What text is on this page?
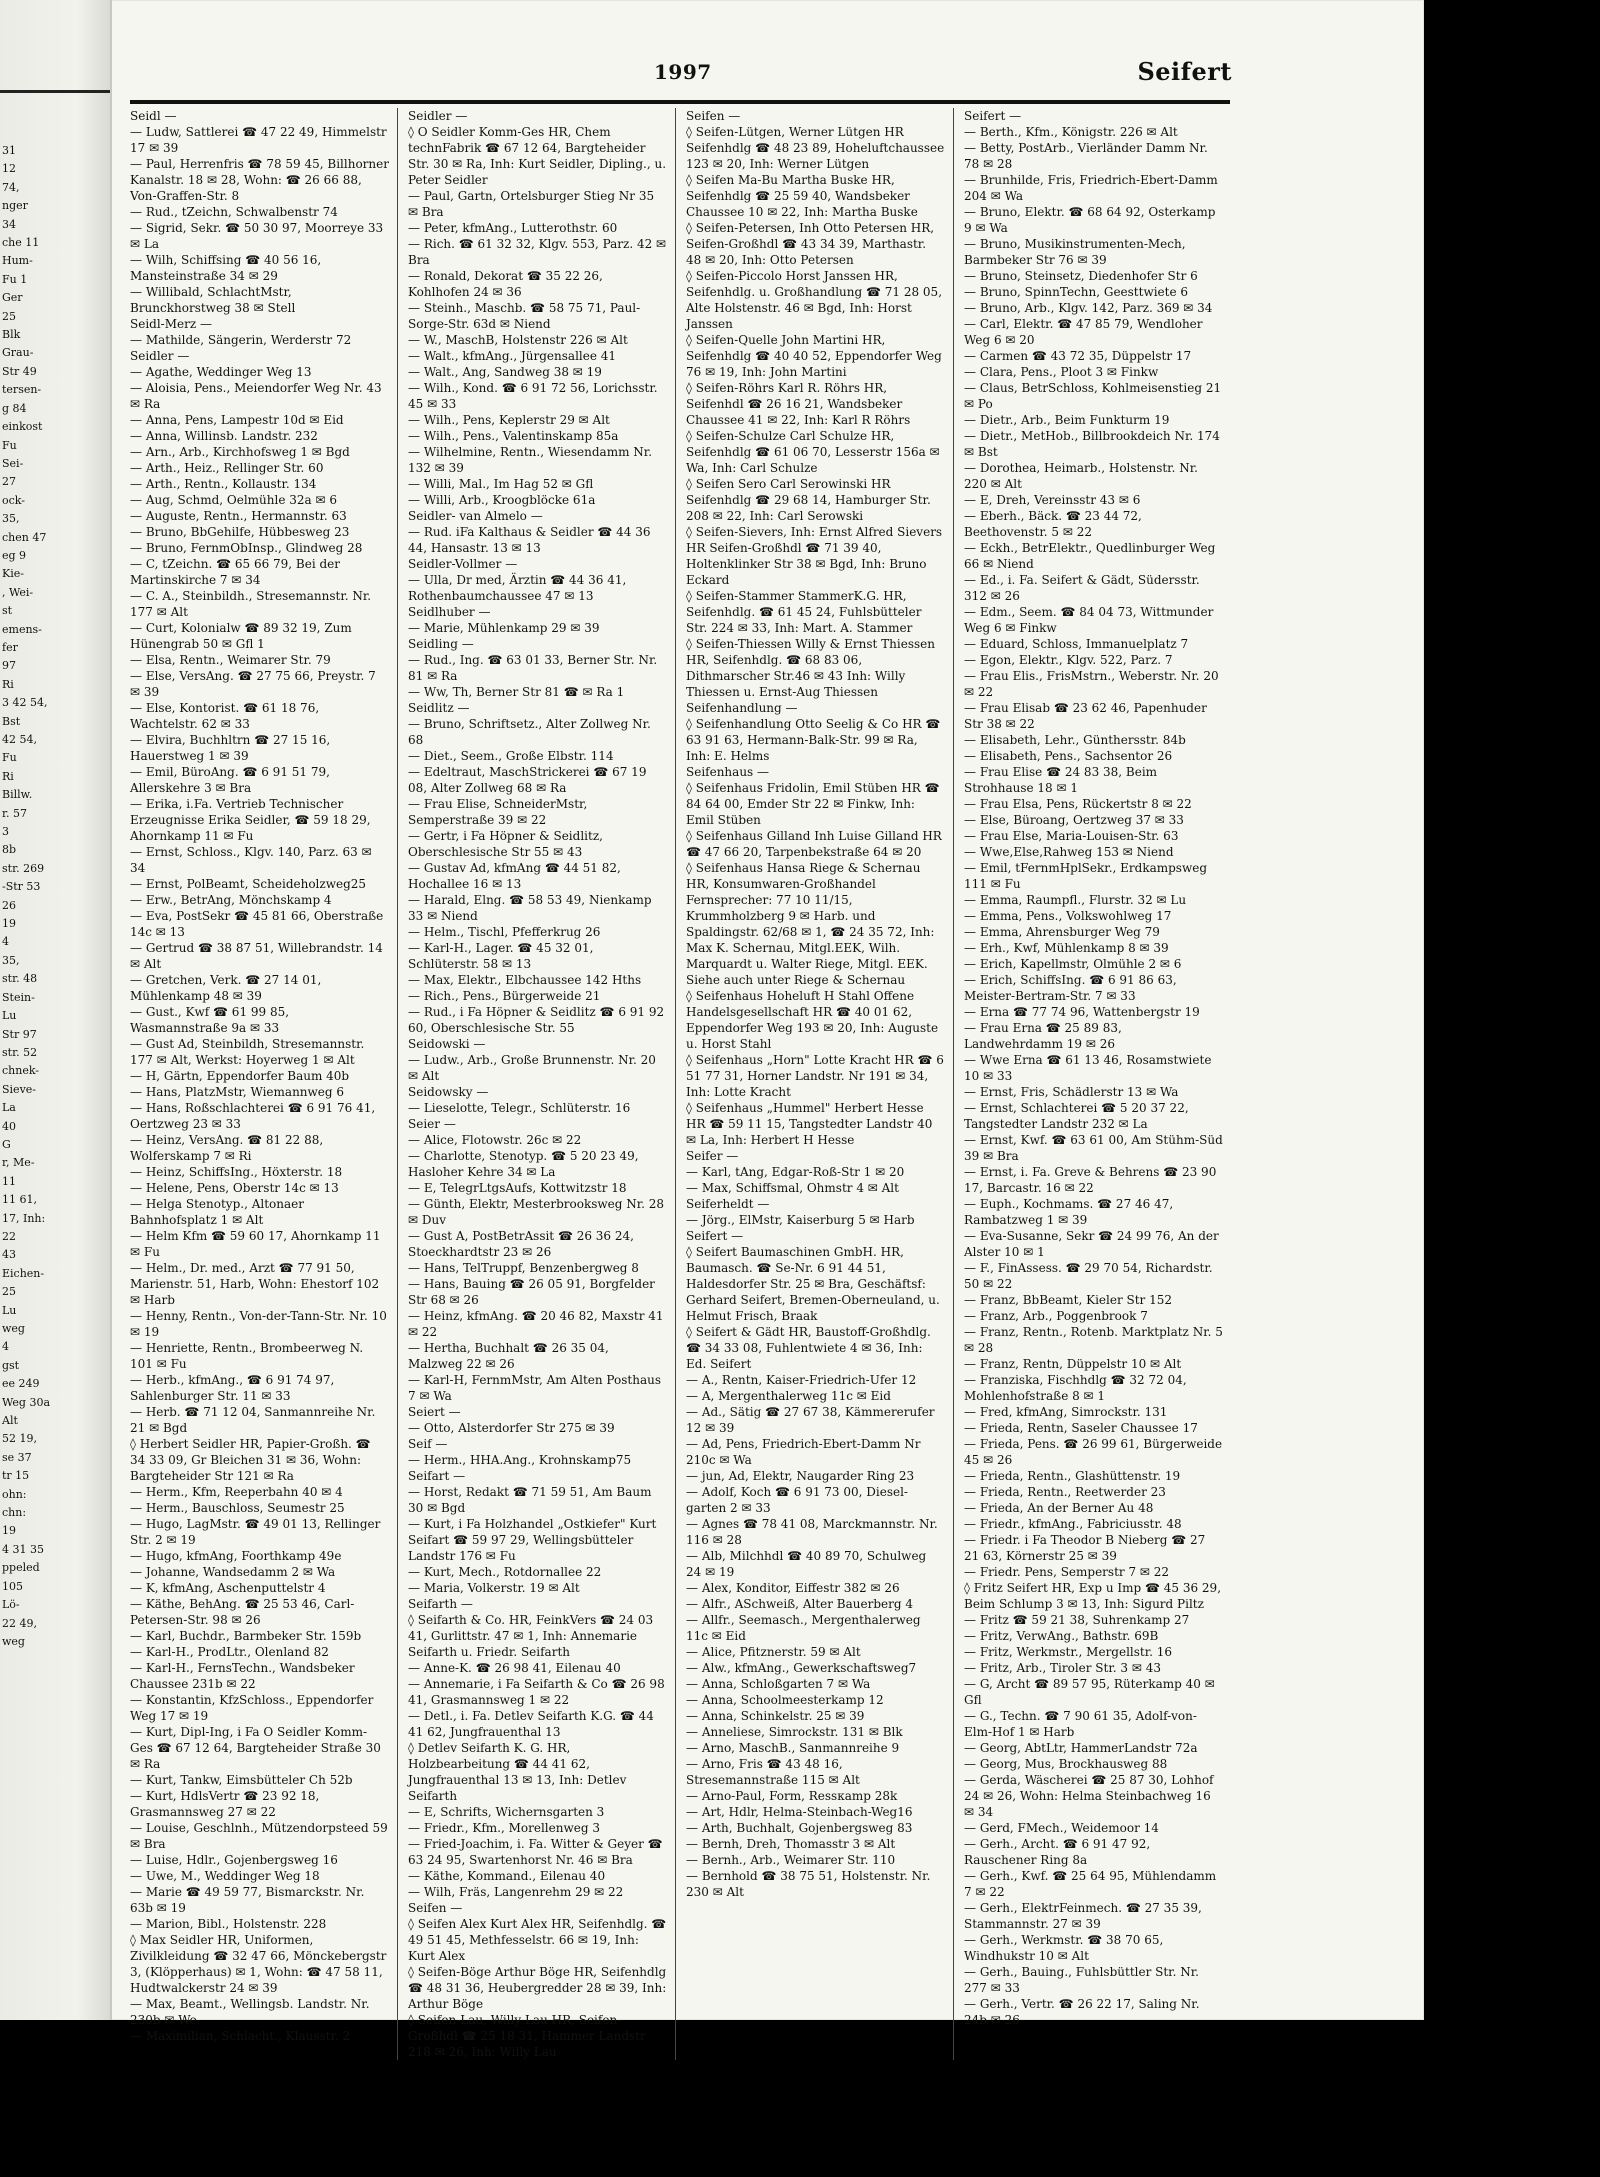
31
12
74,
nger
34
che 11
Hum-
Fu 1
Ger
25
Blk
Grau-
Str 49
tersen-
g 84
einkost
Fu
Sei-
27
ock-
35,
chen 47
eg 9
Kie-
, Wei-
st
emens-
fer
97
Ri
3 42 54,
Bst
42 54,
Fu
Ri
Billw.
r. 57
3
8b
str. 269
-Str 53
26
19
4
35,
str. 48
Stein-
Lu
Str 97
str. 52
chnek-
Sieve-
La
40
G
r, Me-
11
11 61,
17, Inh:
22
43
Eichen-
25
Lu
weg
4
gst
ee 249
Weg 30a
Alt
52 19,
se 37
tr 15
ohn:
chn:
19
4 31 35
ppeled
105
Lö-
22 49,
weg
1997	Seifert
Seidl —
— Ludw, Sattlerei ☎ 47 22 49, Himmelstr 17 ✉ 39
— Paul, Herrenfris ☎ 78 59 45, Billhorner Kanalstr. 18 ✉ 28, Wohn: ☎ 26 66 88, Von-Graffen-Str. 8
— Rud., tZeichn, Schwalbenstr 74
— Sigrid, Sekr. ☎ 50 30 97, Moorreye 33 ✉ La
— Wilh, Schiffsing ☎ 40 56 16, Mansteinstraße 34 ✉ 29
— Willibald, SchlachtMstr, Brunckhorstweg 38 ✉ Stell
Seidl-Merz —
— Mathilde, Sängerin, Werderstr 72
Seidler —
— Agathe, Weddinger Weg 13
— Aloisia, Pens., Meiendorfer Weg Nr. 43 ✉ Ra
— Anna, Pens, Lampestr 10d ✉ Eid
— Anna, Willinsb. Landstr. 232
— Arn., Arb., Kirchhofsweg 1 ✉ Bgd
— Arth., Heiz., Rellinger Str. 60
— Arth., Rentn., Kollaustr. 134
— Aug, Schmd, Oelmühle 32a ✉ 6
— Auguste, Rentn., Hermannstr. 63
— Bruno, BbGehilfe, Hübbesweg 23
— Bruno, FernmObInsp., Glindweg 28
— C, tZeichn. ☎ 65 66 79, Bei der Martinskirche 7 ✉ 34
— C. A., Steinbildh., Stresemannstr. Nr. 177 ✉ Alt
— Curt, Kolonialw ☎ 89 32 19, Zum Hünengrab 50 ✉ Gfl 1
— Elsa, Rentn., Weimarer Str. 79
— Else, VersAng. ☎ 27 75 66, Preystr. 7 ✉ 39
— Else, Kontorist. ☎ 61 18 76, Wachtelstr. 62 ✉ 33
— Elvira, Buchhltrn ☎ 27 15 16, Hauerstweg 1 ✉ 39
— Emil, BüroAng. ☎ 6 91 51 79, Allerskehre 3 ✉ Bra
— Erika, i.Fa. Vertrieb Technischer Erzeugnisse Erika Seidler, ☎ 59 18 29, Ahornkamp 11 ✉ Fu
— Ernst, Schloss., Klgv. 140, Parz. 63 ✉ 34
— Ernst, PolBeamt, Scheideholzweg25
— Erw., BetrAng, Mönchskamp 4
— Eva, PostSekr ☎ 45 81 66, Oberstraße 14c ✉ 13
— Gertrud ☎ 38 87 51, Willebrandstr. 14 ✉ Alt
— Gretchen, Verk. ☎ 27 14 01, Mühlenkamp 48 ✉ 39
— Gust., Kwf ☎ 61 99 85, Wasmannstraße 9a ✉ 33
— Gust Ad, Steinbildh, Stresemannstr. 177 ✉ Alt, Werkst: Hoyerweg 1 ✉ Alt
— H, Gärtn, Eppendorfer Baum 40b
— Hans, PlatzMstr, Wiemannweg 6
— Hans, Roßschlachterei ☎ 6 91 76 41, Oertzweg 23 ✉ 33
— Heinz, VersAng. ☎ 81 22 88, Wolferskamp 7 ✉ Ri
— Heinz, SchiffsIng., Höxterstr. 18
— Helene, Pens, Oberstr 14c ✉ 13
— Helga Stenotyp., Altonaer Bahnhofsplatz 1 ✉ Alt
— Helm Kfm ☎ 59 60 17, Ahornkamp 11 ✉ Fu
— Helm., Dr. med., Arzt ☎ 77 91 50, Marienstr. 51, Harb, Wohn: Ehestorf 102 ✉ Harb
— Henny, Rentn., Von-der-Tann-Str. Nr. 10 ✉ 19
— Henriette, Rentn., Brombeerweg N. 101 ✉ Fu
— Herb., kfmAng., ☎ 6 91 74 97, Sahlenburger Str. 11 ✉ 33
— Herb. ☎ 71 12 04, Sanmannreihe Nr. 21 ✉ Bgd
◊ Herbert Seidler HR, Papier-Großh. ☎ 34 33 09, Gr Bleichen 31 ✉ 36, Wohn: Bargteheider Str 121 ✉ Ra
— Herm., Kfm, Reeperbahn 40 ✉ 4
— Herm., Bauschloss, Seumestr 25
— Hugo, LagMstr. ☎ 49 01 13, Rellinger Str. 2 ✉ 19
— Hugo, kfmAng, Foorthkamp 49e
— Johanne, Wandsedamm 2 ✉ Wa
— K, kfmAng, Aschenputtelstr 4
— Käthe, BehAng. ☎ 25 53 46, Carl-Petersen-Str. 98 ✉ 26
— Karl, Buchdr., Barmbeker Str. 159b
— Karl-H., ProdLtr., Olenland 82
— Karl-H., FernsTechn., Wandsbeker Chaussee 231b ✉ 22
— Konstantin, KfzSchloss., Eppendorfer Weg 17 ✉ 19
— Kurt, Dipl-Ing, i Fa O Seidler Komm-Ges ☎ 67 12 64, Bargteheider Straße 30 ✉ Ra
— Kurt, Tankw, Eimsbütteler Ch 52b
— Kurt, HdlsVertr ☎ 23 92 18, Grasmannsweg 27 ✉ 22
— Louise, Geschlnh., Mützendorpsteed 59 ✉ Bra
— Luise, Hdlr., Gojenbergsweg 16
— Uwe, M., Weddinger Weg 18
— Marie ☎ 49 59 77, Bismarckstr. Nr. 63b ✉ 19
— Marion, Bibl., Holstenstr. 228
◊ Max Seidler HR, Uniformen, Zivilkleidung ☎ 32 47 66, Mönckebergstr 3, (Klöpperhaus) ✉ 1, Wohn: ☎ 47 58 11, Hudtwalckerstr 24 ✉ 39
— Max, Beamt., Wellingsb. Landstr. Nr. 230b ✉ We
— Maximilian, Schlacht., Klausstr. 2
Seidler —
◊ O Seidler Komm-Ges HR, Chem technFabrik ☎ 67 12 64, Bargteheider Str. 30 ✉ Ra, Inh: Kurt Seidler, Dipling., u. Peter Seidler
— Paul, Gartn, Ortelsburger Stieg Nr 35 ✉ Bra
— Peter, kfmAng., Lutterothstr. 60
— Rich. ☎ 61 32 32, Klgv. 553, Parz. 42 ✉ Bra
— Ronald, Dekorat ☎ 35 22 26, Kohlhofen 24 ✉ 36
— Steinh., Maschb. ☎ 58 75 71, Paul-Sorge-Str. 63d ✉ Niend
— W., MaschB, Holstenstr 226 ✉ Alt
— Walt., kfmAng., Jürgensallee 41
— Walt., Ang, Sandweg 38 ✉ 19
— Wilh., Kond. ☎ 6 91 72 56, Lorichsstr. 45 ✉ 33
— Wilh., Pens, Keplerstr 29 ✉ Alt
— Wilh., Pens., Valentinskamp 85a
— Wilhelmine, Rentn., Wiesendamm Nr. 132 ✉ 39
— Willi, Mal., Im Hag 52 ✉ Gfl
— Willi, Arb., Kroogblöcke 61a
Seidler- van Almelo —
— Rud. iFa Kalthaus & Seidler ☎ 44 36 44, Hansastr. 13 ✉ 13
Seidler-Vollmer —
— Ulla, Dr med, Ärztin ☎ 44 36 41, Rothenbaumchaussee 47 ✉ 13
Seidlhuber —
— Marie, Mühlenkamp 29 ✉ 39
Seidling —
— Rud., Ing. ☎ 63 01 33, Berner Str. Nr. 81 ✉ Ra
— Ww, Th, Berner Str 81 ☎ ✉ Ra 1
Seidlitz —
— Bruno, Schriftsetz., Alter Zollweg Nr. 68
— Diet., Seem., Große Elbstr. 114
— Edeltraut, MaschStrickerei ☎ 67 19 08, Alter Zollweg 68 ✉ Ra
— Frau Elise, SchneiderMstr, Semperstraße 39 ✉ 22
— Gertr, i Fa Höpner & Seidlitz, Oberschlesische Str 55 ✉ 43
— Gustav Ad, kfmAng ☎ 44 51 82, Hochallee 16 ✉ 13
— Harald, Elng. ☎ 58 53 49, Nienkamp 33 ✉ Niend
— Helm., Tischl, Pfefferkrug 26
— Karl-H., Lager. ☎ 45 32 01, Schlüterstr. 58 ✉ 13
— Max, Elektr., Elbchaussee 142 Hths
— Rich., Pens., Bürgerweide 21
— Rud., i Fa Höpner & Seidlitz ☎ 6 91 92 60, Oberschlesische Str. 55
Seidowski —
— Ludw., Arb., Große Brunnenstr. Nr. 20 ✉ Alt
Seidowsky —
— Lieselotte, Telegr., Schlüterstr. 16
Seier —
— Alice, Flotowstr. 26c ✉ 22
— Charlotte, Stenotyp. ☎ 5 20 23 49, Hasloher Kehre 34 ✉ La
— E, TelegrLtgsAufs, Kottwitzstr 18
— Günth, Elektr, Mesterbrooksweg Nr. 28 ✉ Duv
— Gust A, PostBetrAssit ☎ 26 36 24, Stoeckhardtstr 23 ✉ 26
— Hans, TelTruppf, Benzenbergweg 8
— Hans, Bauing ☎ 26 05 91, Borgfelder Str 68 ✉ 26
— Heinz, kfmAng. ☎ 20 46 82, Maxstr 41 ✉ 22
— Hertha, Buchhalt ☎ 26 35 04, Malzweg 22 ✉ 26
— Karl-H, FernmMstr, Am Alten Posthaus 7 ✉ Wa
Seiert —
— Otto, Alsterdorfer Str 275 ✉ 39
Seif —
— Herm., HHA.Ang., Krohnskamp75
Seifart —
— Horst, Redakt ☎ 71 59 51, Am Baum 30 ✉ Bgd
— Kurt, i Fa Holzhandel „Ostkiefer" Kurt Seifart ☎ 59 97 29, Wellingsbütteler Landstr 176 ✉ Fu
— Kurt, Mech., Rotdornallee 22
— Maria, Volkerstr. 19 ✉ Alt
Seifarth —
◊ Seifarth & Co. HR, FeinkVers ☎ 24 03 41, Gurlittstr. 47 ✉ 1, Inh: Annemarie Seifarth u. Friedr. Seifarth
— Anne-K. ☎ 26 98 41, Eilenau 40
— Annemarie, i Fa Seifarth & Co ☎ 26 98 41, Grasmannsweg 1 ✉ 22
— Detl., i. Fa. Detlev Seifarth K.G. ☎ 44 41 62, Jungfrauenthal 13
◊ Detlev Seifarth K. G. HR, Holzbearbeitung ☎ 44 41 62, Jungfrauenthal 13 ✉ 13, Inh: Detlev Seifarth
— E, Schrifts, Wichernsgarten 3
— Friedr., Kfm., Morellenweg 3
— Fried-Joachim, i. Fa. Witter & Geyer ☎ 63 24 95, Swartenhorst Nr. 46 ✉ Bra
— Käthe, Kommand., Eilenau 40
— Wilh, Fräs, Langenrehm 29 ✉ 22
Seifen —
◊ Seifen Alex Kurt Alex HR, Seifenhdlg. ☎ 49 51 45, Methfesselstr. 66 ✉ 19, Inh: Kurt Alex
◊ Seifen-Böge Arthur Böge HR, Seifenhdlg ☎ 48 31 36, Heubergredder 28 ✉ 39, Inh: Arthur Böge
◊ Seifen-Lau, Willy Lau HR, Seifen-Großhdl ☎ 25 18 31, Hammer Landstr 218 ✉ 26, Inh: Willy Lau
Seifen —
◊ Seifen-Lütgen, Werner Lütgen HR Seifenhdlg ☎ 48 23 89, Hoheluftchaussee 123 ✉ 20, Inh: Werner Lütgen
◊ Seifen Ma-Bu Martha Buske HR, Seifenhdlg ☎ 25 59 40, Wandsbeker Chaussee 10 ✉ 22, Inh: Martha Buske
◊ Seifen-Petersen, Inh Otto Petersen HR, Seifen-Großhdl ☎ 43 34 39, Marthastr. 48 ✉ 20, Inh: Otto Petersen
◊ Seifen-Piccolo Horst Janssen HR, Seifenhdlg. u. Großhandlung ☎ 71 28 05, Alte Holstenstr. 46 ✉ Bgd, Inh: Horst Janssen
◊ Seifen-Quelle John Martini HR, Seifenhdlg ☎ 40 40 52, Eppendorfer Weg 76 ✉ 19, Inh: John Martini
◊ Seifen-Röhrs Karl R. Röhrs HR, Seifenhdl ☎ 26 16 21, Wandsbeker Chaussee 41 ✉ 22, Inh: Karl R Röhrs
◊ Seifen-Schulze Carl Schulze HR, Seifenhdlg ☎ 61 06 70, Lesserstr 156a ✉ Wa, Inh: Carl Schulze
◊ Seifen Sero Carl Serowinski HR Seifenhdlg ☎ 29 68 14, Hamburger Str. 208 ✉ 22, Inh: Carl Serowski
◊ Seifen-Sievers, Inh: Ernst Alfred Sievers HR Seifen-Großhdl ☎ 71 39 40, Holtenklinker Str 38 ✉ Bgd, Inh: Bruno Eckard
◊ Seifen-Stammer StammerK.G. HR, Seifenhdlg. ☎ 61 45 24, Fuhlsbütteler Str. 224 ✉ 33, Inh: Mart. A. Stammer
◊ Seifen-Thiessen Willy & Ernst Thiessen HR, Seifenhdlg. ☎ 68 83 06, Dithmarscher Str.46 ✉ 43 Inh: Willy Thiessen u. Ernst-Aug Thiessen
Seifenhandlung —
◊ Seifenhandlung Otto Seelig & Co HR ☎ 63 91 63, Hermann-Balk-Str. 99 ✉ Ra, Inh: E. Helms
Seifenhaus —
◊ Seifenhaus Fridolin, Emil Stüben HR ☎ 84 64 00, Emder Str 22 ✉ Finkw, Inh: Emil Stüben
◊ Seifenhaus Gilland Inh Luise Gilland HR ☎ 47 66 20, Tarpenbekstraße 64 ✉ 20
◊ Seifenhaus Hansa Riege & Schernau HR, Konsumwaren-Großhandel Fernsprecher: 77 10 11/15, Krummholzberg 9 ✉ Harb. und Spaldingstr. 62/68 ✉ 1, ☎ 24 35 72, Inh: Max K. Schernau, Mitgl.EEK, Wilh. Marquardt u. Walter Riege, Mitgl. EEK. Siehe auch unter Riege & Schernau
◊ Seifenhaus Hoheluft H Stahl Offene Handelsgesellschaft HR ☎ 40 01 62, Eppendorfer Weg 193 ✉ 20, Inh: Auguste u. Horst Stahl
◊ Seifenhaus „Horn" Lotte Kracht HR ☎ 6 51 77 31, Horner Landstr. Nr 191 ✉ 34, Inh: Lotte Kracht
◊ Seifenhaus „Hummel" Herbert Hesse HR ☎ 59 11 15, Tangstedter Landstr 40 ✉ La, Inh: Herbert H Hesse
Seifer —
— Karl, tAng, Edgar-Roß-Str 1 ✉ 20
— Max, Schiffsmal, Ohmstr 4 ✉ Alt
Seiferheldt —
— Jörg., ElMstr, Kaiserburg 5 ✉ Harb
Seifert —
◊ Seifert Baumaschinen GmbH. HR, Baumasch. ☎ Se-Nr. 6 91 44 51, Haldesdorfer Str. 25 ✉ Bra, Geschäftsf: Gerhard Seifert, Bremen-Oberneuland, u. Helmut Frisch, Braak
◊ Seifert & Gädt HR, Baustoff-Großhdlg. ☎ 34 33 08, Fuhlentwiete 4 ✉ 36, Inh: Ed. Seifert
— A., Rentn, Kaiser-Friedrich-Ufer 12
— A, Mergenthalerweg 11c ✉ Eid
— Ad., Sätig ☎ 27 67 38, Kämmererufer 12 ✉ 39
— Ad, Pens, Friedrich-Ebert-Damm Nr 210c ✉ Wa
— jun, Ad, Elektr, Naugarder Ring 23
— Adolf, Koch ☎ 6 91 73 00, Diesel-garten 2 ✉ 33
— Agnes ☎ 78 41 08, Marckmannstr. Nr. 116 ✉ 28
— Alb, Milchhdl ☎ 40 89 70, Schulweg 24 ✉ 19
— Alex, Konditor, Eiffestr 382 ✉ 26
— Alfr., ASchweiß, Alter Bauerberg 4
— Allfr., Seemasch., Mergenthalerweg 11c ✉ Eid
— Alice, Pfitznerstr. 59 ✉ Alt
— Alw., kfmAng., Gewerkschaftsweg7
— Anna, Schloßgarten 7 ✉ Wa
— Anna, Schoolmeesterkamp 12
— Anna, Schinkelstr. 25 ✉ 39
— Anneliese, Simrockstr. 131 ✉ Blk
— Arno, MaschB., Sanmannreihe 9
— Arno, Fris ☎ 43 48 16, Stresemannstraße 115 ✉ Alt
— Arno-Paul, Form, Ressкamp 28k
— Art, Hdlr, Helma-Steinbach-Weg16
— Arth, Buchhalt, Gojenbergsweg 83
— Bernh, Dreh, Thomasstr 3 ✉ Alt
— Bernh., Arb., Weimarer Str. 110
— Bernhold ☎ 38 75 51, Holstenstr. Nr. 230 ✉ Alt
Seifert —
— Berth., Kfm., Königstr. 226 ✉ Alt
— Betty, PostArb., Vierländer Damm Nr. 78 ✉ 28
— Brunhilde, Fris, Friedrich-Ebert-Damm 204 ✉ Wa
— Bruno, Elektr. ☎ 68 64 92, Osterkamp 9 ✉ Wa
— Bruno, Musikinstrumenten-Mech, Barmbeker Str 76 ✉ 39
— Bruno, Steinsetz, Diedenhofer Str 6
— Bruno, SpinnTechn, Geesttwiete 6
— Bruno, Arb., Klgv. 142, Parz. 369 ✉ 34
— Carl, Elektr. ☎ 47 85 79, Wendloher Weg 6 ✉ 20
— Carmen ☎ 43 72 35, Düppelstr 17
— Clara, Pens., Ploot 3 ✉ Finkw
— Claus, BetrSchloss, Kohlmeisenstieg 21 ✉ Po
— Dietr., Arb., Beim Funkturm 19
— Dietr., MetHob., Billbrookdeich Nr. 174 ✉ Bst
— Dorothea, Heimarb., Holstenstr. Nr. 220 ✉ Alt
— E, Dreh, Vereinsstr 43 ✉ 6
— Eberh., Bäck. ☎ 23 44 72, Beethovenstr. 5 ✉ 22
— Eckh., BetrElektr., Quedlinburger Weg 66 ✉ Niend
— Ed., i. Fa. Seifert & Gädt, Südersstr. 312 ✉ 26
— Edm., Seem. ☎ 84 04 73, Wittmunder Weg 6 ✉ Finkw
— Eduard, Schloss, Immanuelplatz 7
— Egon, Elektr., Klgv. 522, Parz. 7
— Frau Elis., FrisMstrn., Weberstr. Nr. 20 ✉ 22
— Frau Elisab ☎ 23 62 46, Papenhuder Str 38 ✉ 22
— Elisabeth, Lehr., Günthersstr. 84b
— Elisabeth, Pens., Sachsentor 26
— Frau Elise ☎ 24 83 38, Beim Strohhause 18 ✉ 1
— Frau Elsa, Pens, Rückertstr 8 ✉ 22
— Else, Büroang, Oertzweg 37 ✉ 33
— Frau Else, Maria-Louisen-Str. 63
— Wwe,Else,Rahweg 153 ✉ Niend
— Emil, tFernmHplSekr., Erdkampsweg 111 ✉ Fu
— Emma, Raumpfl., Flurstr. 32 ✉ Lu
— Emma, Pens., Volkswohlweg 17
— Emma, Ahrensburger Weg 79
— Erh., Kwf, Mühlenkamp 8 ✉ 39
— Erich, Kapellmstr, Olmühle 2 ✉ 6
— Erich, SchiffsIng. ☎ 6 91 86 63, Meister-Bertram-Str. 7 ✉ 33
— Erna ☎ 77 74 96, Wattenbergstr 19
— Frau Erna ☎ 25 89 83, Landwehrdamm 19 ✉ 26
— Wwe Erna ☎ 61 13 46, Rosamstwiete 10 ✉ 33
— Ernst, Fris, Schädlerstr 13 ✉ Wa
— Ernst, Schlachterei ☎ 5 20 37 22, Tangstedter Landstr 232 ✉ La
— Ernst, Kwf. ☎ 63 61 00, Am Stühm-Süd 39 ✉ Bra
— Ernst, i. Fa. Greve & Behrens ☎ 23 90 17, Barcastr. 16 ✉ 22
— Euph., Kochmams. ☎ 27 46 47, Rambatzweg 1 ✉ 39
— Eva-Susanne, Sekr ☎ 24 99 76, An der Alster 10 ✉ 1
— F., FinAssess. ☎ 29 70 54, Richardstr. 50 ✉ 22
— Franz, BbBeamt, Kieler Str 152
— Franz, Arb., Poggenbrook 7
— Franz, Rentn., Rotenb. Marktplatz Nr. 5 ✉ 28
— Franz, Rentn, Düppelstr 10 ✉ Alt
— Franziska, Fischhdlg ☎ 32 72 04, Mohlenhofstraße 8 ✉ 1
— Fred, kfmAng, Simrockstr. 131
— Frieda, Rentn, Saseler Chaussee 17
— Frieda, Pens. ☎ 26 99 61, Bürgerweide 45 ✉ 26
— Frieda, Rentn., Glashüttenstr. 19
— Frieda, Rentn., Reetwerder 23
— Frieda, An der Berner Au 48
— Friedr., kfmAng., Fabriciusstr. 48
— Friedr. i Fa Theodor B Nieberg ☎ 27 21 63, Körnerstr 25 ✉ 39
— Friedr. Pens, Semperstr 7 ✉ 22
◊ Fritz Seifert HR, Exp u Imp ☎ 45 36 29, Beim Schlump 3 ✉ 13, Inh: Sigurd Piltz
— Fritz ☎ 59 21 38, Suhrenkamp 27
— Fritz, VerwAng., Bathstr. 69B
— Fritz, Werkmstr., Mergellstr. 16
— Fritz, Arb., Tiroler Str. 3 ✉ 43
— G, Archt ☎ 89 57 95, Rüterkamp 40 ✉ Gfl
— G., Techn. ☎ 7 90 61 35, Adolf-von-Elm-Hof 1 ✉ Harb
— Georg, AbtLtr, HammerLandstr 72a
— Georg, Mus, Brockhausweg 88
— Gerda, Wäscherei ☎ 25 87 30, Lohhof 24 ✉ 26, Wohn: Helma Steinbachweg 16 ✉ 34
— Gerd, FMech., Weidemoor 14
— Gerh., Archt. ☎ 6 91 47 92, Rauschener Ring 8a
— Gerh., Kwf. ☎ 25 64 95, Mühlendamm 7 ✉ 22
— Gerh., ElektrFeinmech. ☎ 27 35 39, Stammannstr. 27 ✉ 39
— Gerh., Werkmstr. ☎ 38 70 65, Windhukstr 10 ✉ Alt
— Gerh., Bauing., Fuhlsbüttler Str. Nr. 277 ✉ 33
— Gerh., Vertr. ☎ 26 22 17, Saling Nr. 24b ✉ 26
